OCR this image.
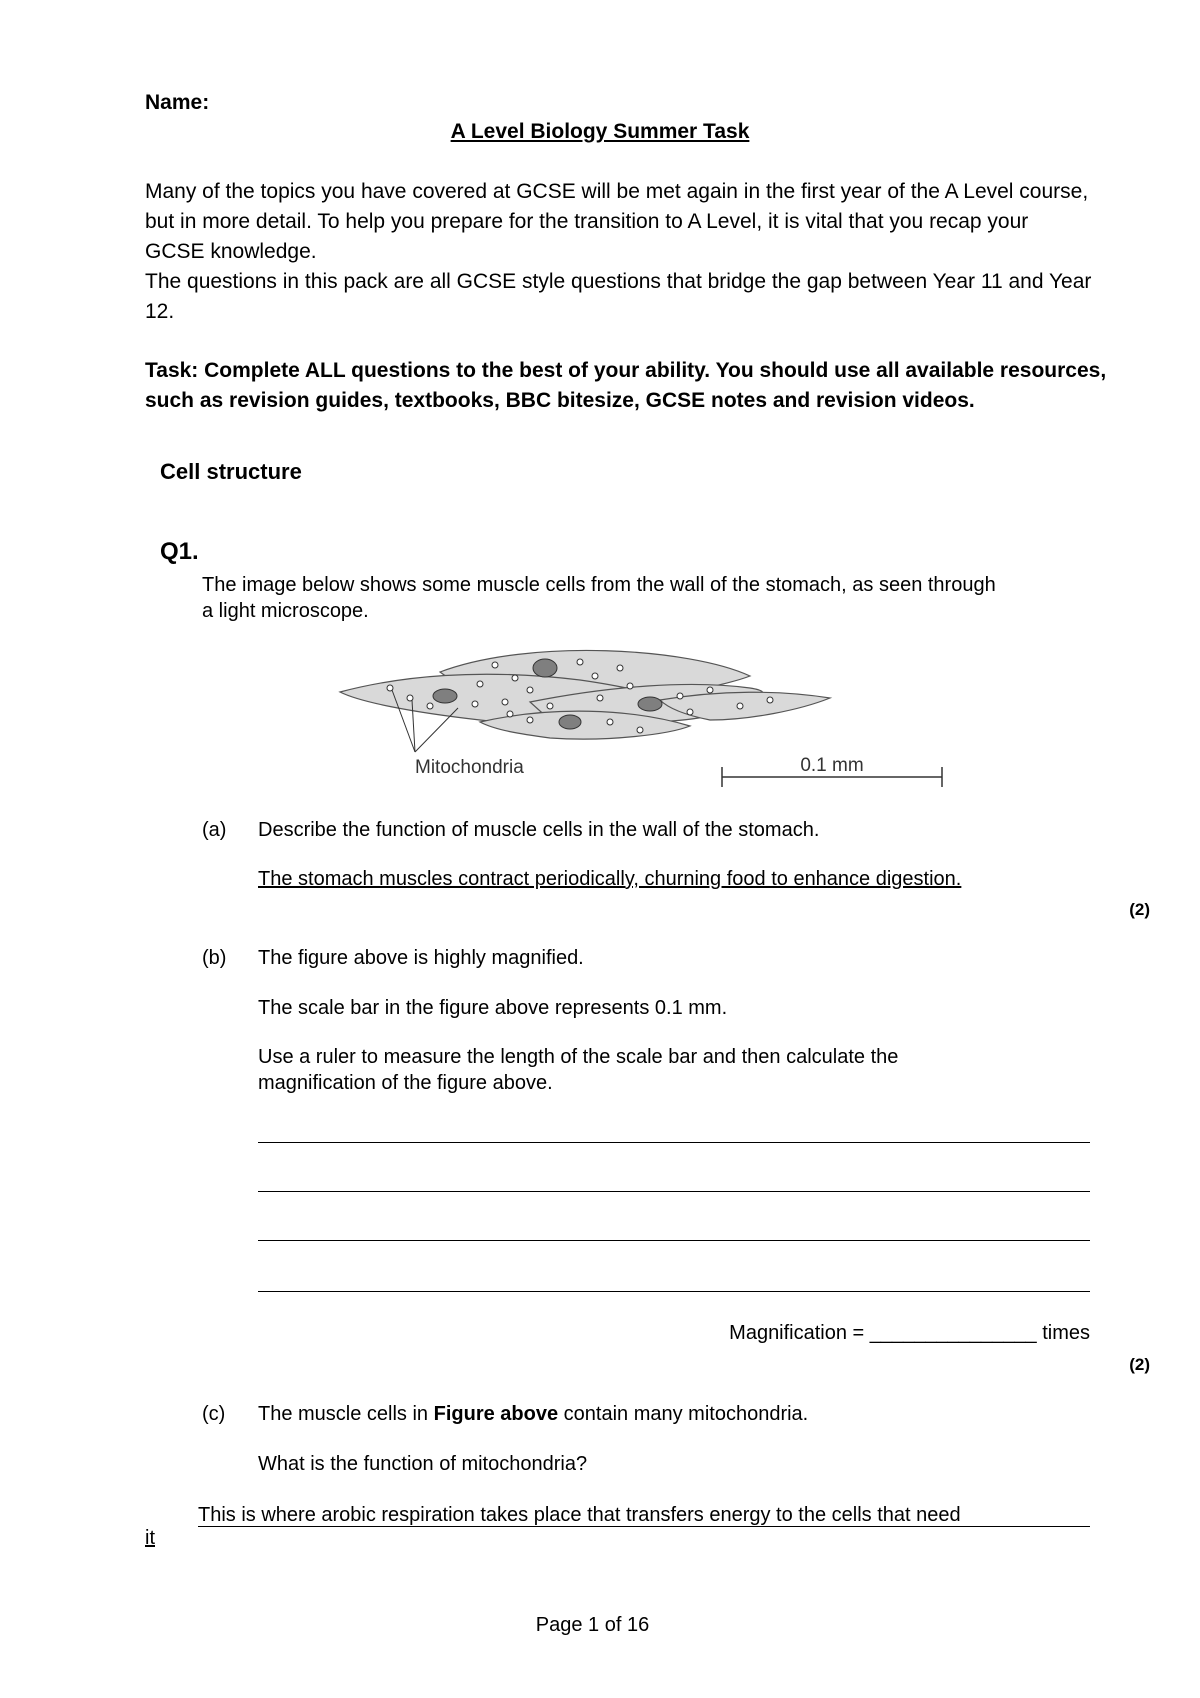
Name:
A Level Biology Summer Task
Many of the topics you have covered at GCSE will be met again in the first year of the A Level course,
but in more detail. To help you prepare for the transition to A Level, it is vital that you recap your
GCSE knowledge.
The questions in this pack are all GCSE style questions that bridge the gap between Year 11 and Year
12.
Task: Complete ALL questions to the best of your ability. You should use all available resources,
such as revision guides, textbooks, BBC bitesize, GCSE notes and revision videos.
Cell structure
Q1.
The image below shows some muscle cells from the wall of the stomach, as seen through
a light microscope.
Mitochondria	0.1 mm
(a) Describe the function of muscle cells in the wall of the stomach.
The stomach muscles contract periodically, churning food to enhance digestion.
(2)
(b) The figure above is highly magnified.
The scale bar in the figure above represents 0.1 mm.
Use a ruler to measure the length of the scale bar and then calculate the
magnification of the figure above.
Magnification = _______________ times
(2)
(c) The muscle cells in Figure above contain many mitochondria.
What is the function of mitochondria?
This is where arobic respiration takes place that transfers energy to the cells that need
it
Page 1 of 16
